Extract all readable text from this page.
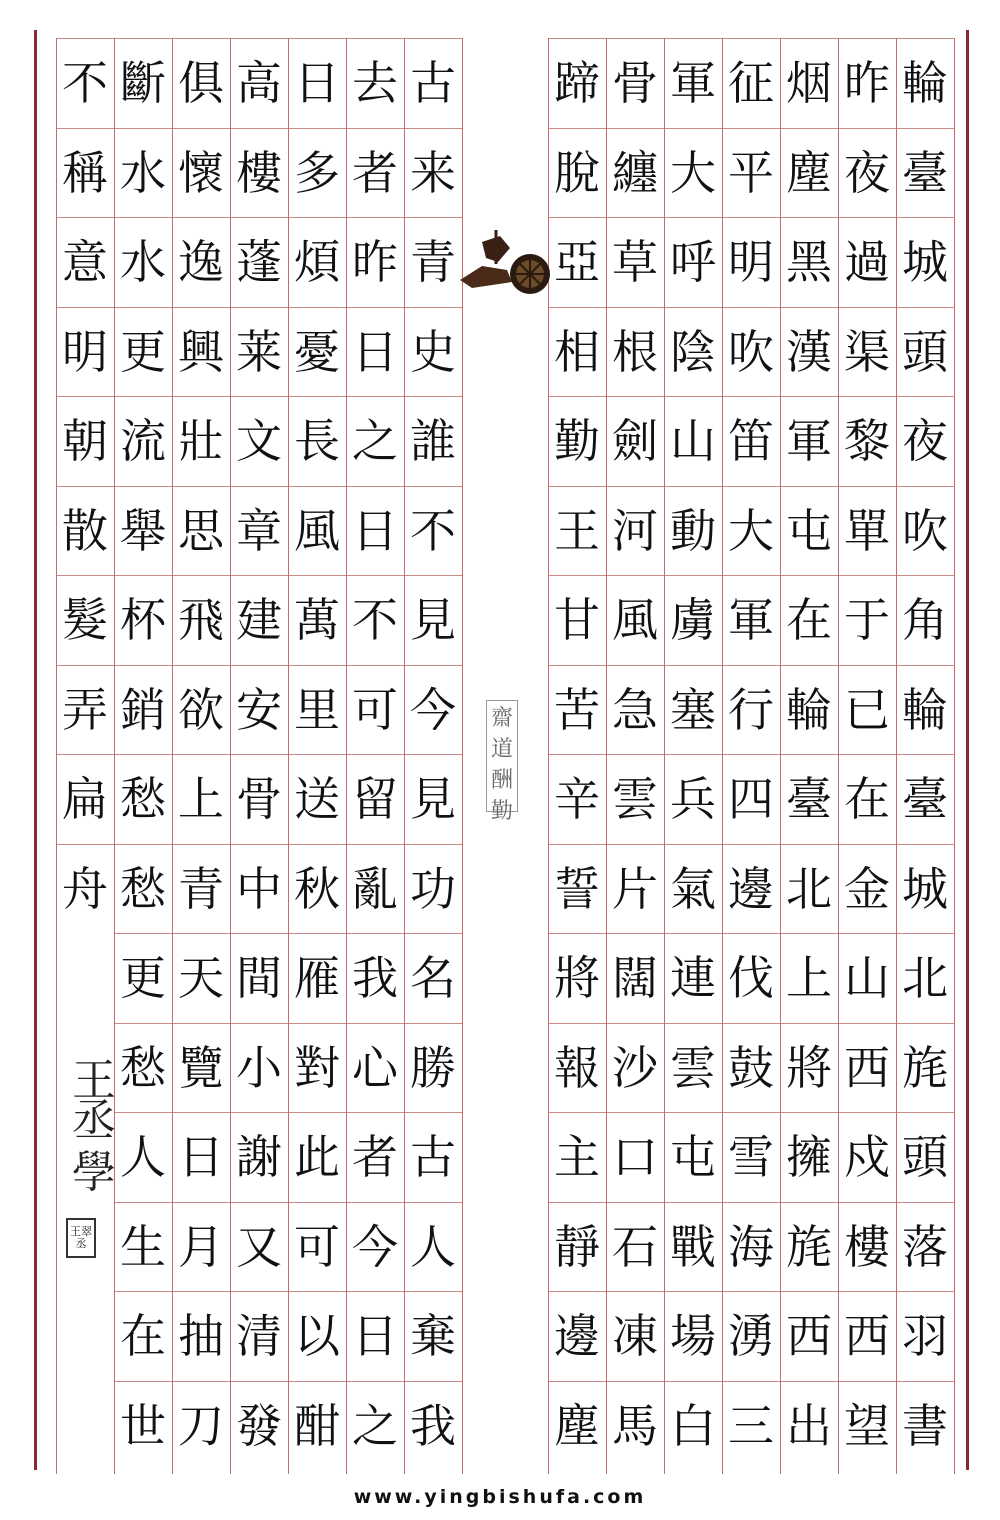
古
来
青
史
誰
不
見
今
見
功
名
勝
古
人
棄
我
去
者
昨
日
之
日
不
可
留
亂
我
心
者
今
日
之
日
多
煩
憂
長
風
萬
里
送
秋
雁
對
此
可
以
酣
高
樓
蓬
莱
文
章
建
安
骨
中
間
小
謝
又
清
發
俱
懷
逸
興
壯
思
飛
欲
上
青
天
覽
日
月
抽
刀
斷
水
水
更
流
舉
杯
銷
愁
愁
更
愁
人
生
在
世
不
稱
意
明
朝
散
髮
弄
扁
舟
輪
臺
城
頭
夜
吹
角
輪
臺
城
北
旄
頭
落
羽
書
昨
夜
過
渠
黎
單
于
已
在
金
山
西
戍
樓
西
望
烟
塵
黑
漢
軍
屯
在
輪
臺
北
上
將
擁
旄
西
出
征
平
明
吹
笛
大
軍
行
四
邊
伐
鼓
雪
海
湧
三
軍
大
呼
陰
山
動
虜
塞
兵
氣
連
雲
屯
戰
場
白
骨
纏
草
根
劍
河
風
急
雲
片
闊
沙
口
石
凍
馬
蹄
脫
亞
相
勤
王
甘
苦
辛
誓
將
報
主
靜
邊
塵
齋
道
酬
勤
王
丞
學
王翠丞
www.yingbishufa.com
